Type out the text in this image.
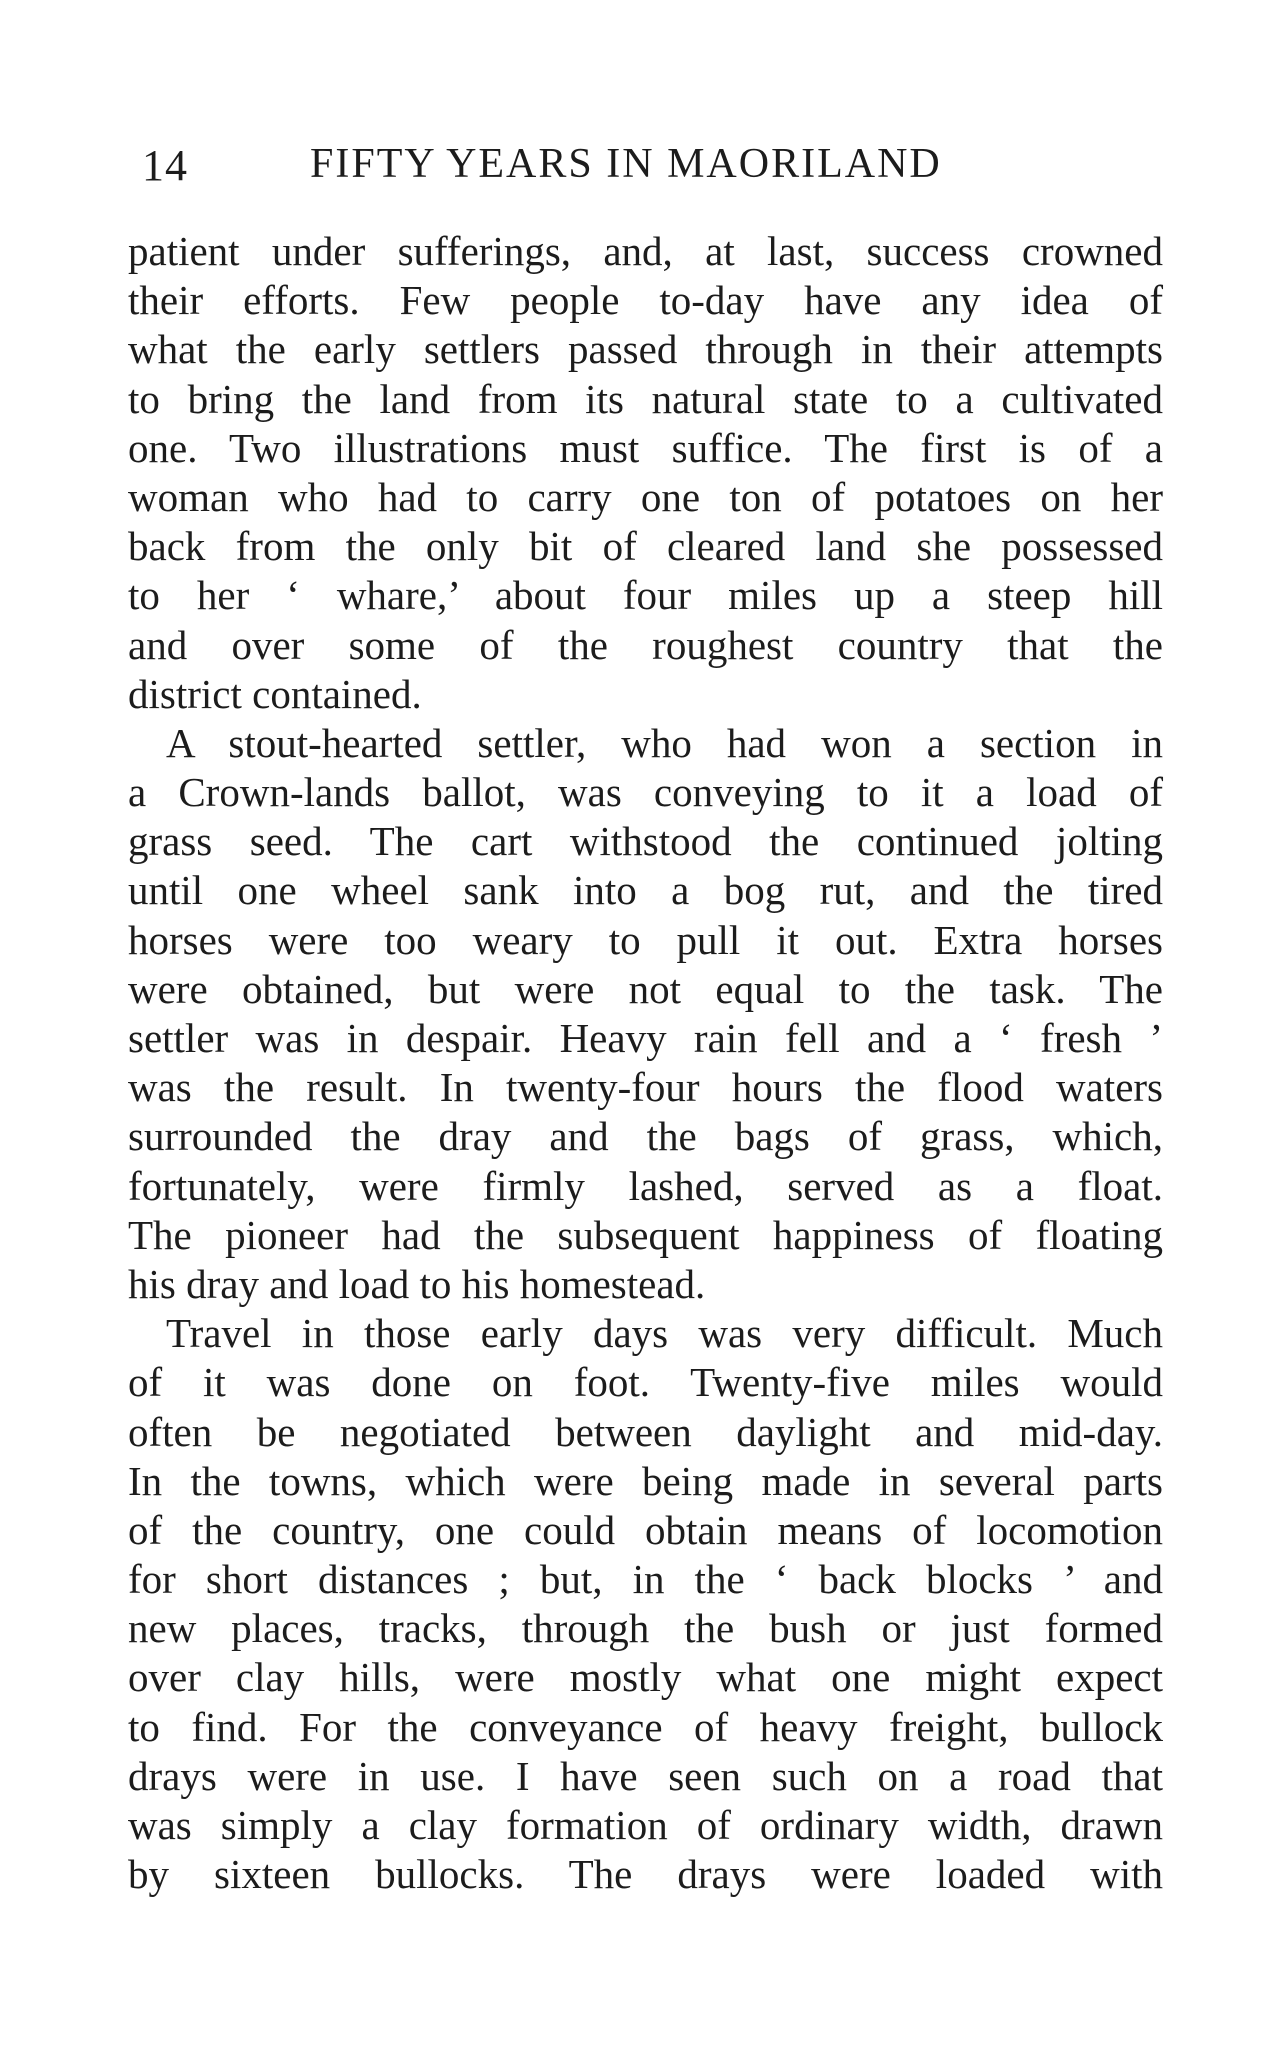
14	FIFTY YEARS IN MAORILAND
patient under sufferings, and, at last, success crowned
their efforts. Few people to-day have any idea of
what the early settlers passed through in their attempts
to bring the land from its natural state to a cultivated
one. Two illustrations must suffice. The first is of a
woman who had to carry one ton of potatoes on her
back from the only bit of cleared land she possessed
to her ‘ whare,’ about four miles up a steep hill
and over some of the roughest country that the
district contained.
A stout-hearted settler, who had won a section in
a Crown-lands ballot, was conveying to it a load of
grass seed. The cart withstood the continued jolting
until one wheel sank into a bog rut, and the tired
horses were too weary to pull it out. Extra horses
were obtained, but were not equal to the task. The
settler was in despair. Heavy rain fell and a ‘ fresh ’
was the result. In twenty-four hours the flood waters
surrounded the dray and the bags of grass, which,
fortunately, were firmly lashed, served as a float.
The pioneer had the subsequent happiness of floating
his dray and load to his homestead.
Travel in those early days was very difficult. Much
of it was done on foot. Twenty-five miles would
often be negotiated between daylight and mid-day.
In the towns, which were being made in several parts
of the country, one could obtain means of locomotion
for short distances ; but, in the ‘ back blocks ’ and
new places, tracks, through the bush or just formed
over clay hills, were mostly what one might expect
to find. For the conveyance of heavy freight, bullock
drays were in use. I have seen such on a road that
was simply a clay formation of ordinary width, drawn
by sixteen bullocks. The drays were loaded with
